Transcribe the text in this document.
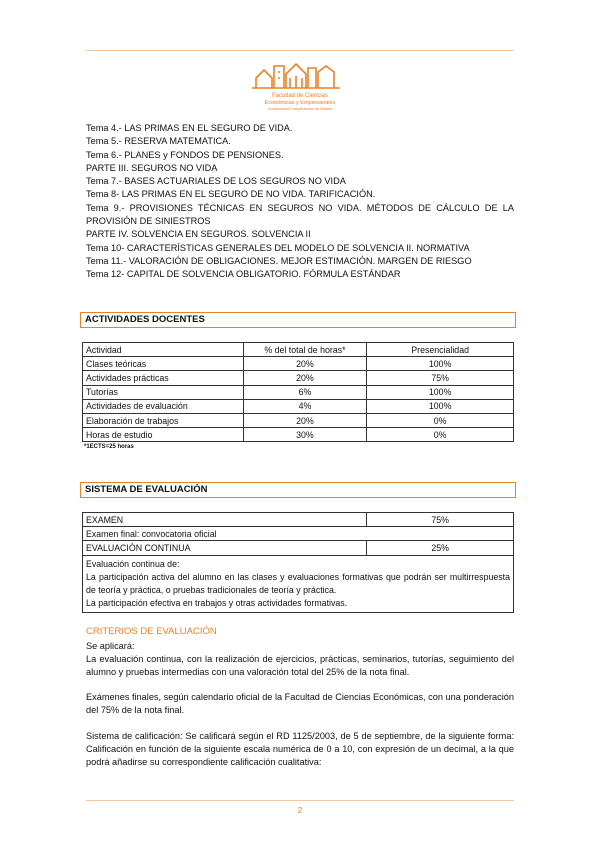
Facultad de Ciencias
Económicas y Empresariales
Universidad Complutense de Madrid
Tema 4.- LAS PRIMAS EN EL SEGURO DE VIDA.
Tema 5.- RESERVA MATEMATICA.
Tema 6.- PLANES y FONDOS DE PENSIONES.
PARTE III. SEGUROS NO VIDA
Tema 7.- BASES ACTUARIALES DE LOS SEGUROS NO VIDA
Tema 8- LAS PRIMAS EN EL SEGURO DE NO VIDA. TARIFICACIÓN.
Tema 9.- PROVISIONES TÉCNICAS EN SEGUROS NO VIDA. MÉTODOS DE CÁLCULO DE LA PROVISIÓN DE SINIESTROS
PARTE IV. SOLVENCIA EN SEGUROS. SOLVENCIA II
Tema 10- CARACTERÍSTICAS GENERALES DEL MODELO DE SOLVENCIA II. NORMATIVA
Tema 11.- VALORACIÓN DE OBLIGACIONES. MEJOR ESTIMACIÓN. MARGEN DE RIESGO
Tema 12- CAPITAL DE SOLVENCIA OBLIGATORIO. FÓRMULA ESTÁNDAR
ACTIVIDADES DOCENTES
Actividad	% del total de horas*	Presencialidad
Clases teóricas	20%	100%
Actividades prácticas	20%	75%
Tutorías	6%	100%
Actividades de evaluación	4%	100%
Elaboración de trabajos	20%	0%
Horas de estudio	30%	0%
*1ECTS=25 horas
SISTEMA DE EVALUACIÓN
EXAMEN	75%
Examen final: convocatoria oficial	
EVALUACIÓN CONTINUA	25%

Evaluación continua de:
La participación activa del alumno en las clases y evaluaciones formativas que podrán ser multirrespuesta de teoría y práctica, o pruebas tradicionales de teoría y práctica.
La participación efectiva en trabajos y otras actividades formativas.	
CRITERIOS DE EVALUACIÓN

Se aplicará:

La evaluación continua, con la realización de ejercicios, prácticas, seminarios, tutorías, seguimiento del alumno y pruebas intermedias con una valoración total del 25% de la nota final.

Exámenes finales, según calendario oficial de la Facultad de Ciencias Económicas, con una ponderación del 75% de la nota final.

Sistema de calificación: Se calificará según el RD 1125/2003, de 5 de septiembre, de la siguiente forma: Calificación en función de la siguiente escala numérica de 0 a 10, con expresión de un decimal, a la que podrá añadirse su correspondiente calificación cualitativa:

2
